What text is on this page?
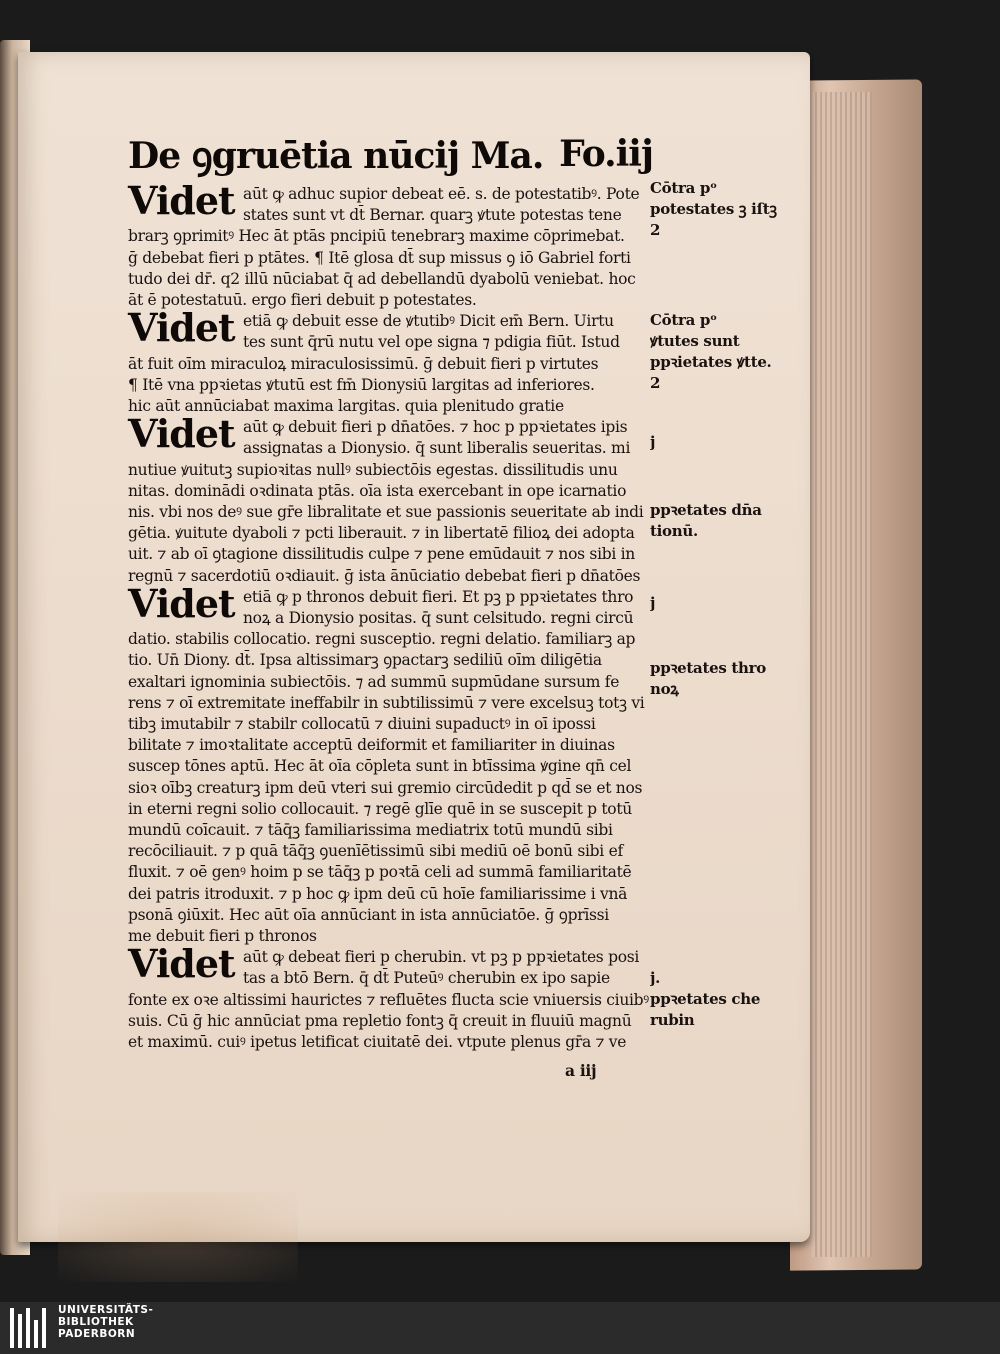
De ꝯgruētia nūcij Ma. Fo.iij
Videt aūt ꝙ adhuc supior debeat eē. s. de potestatibꝰ. Pote
states sunt vt dt̄ Bernar. quarꝫ ꝟtute potestas tene
brarꝫ ꝯprimitꝰ Hec āt ptās pncipiū tenebrarꝫ maxime cōprimebat.
ḡ debebat fieri p ptātes. ¶ Itē glosa dt̄ sup missus ꝯ iō Gabriel forti
tudo dei dr̄. q2 illū nūciabat q̄ ad debellandū dyabolū veniebat. hoc
āt ē potestatuū. ergo fieri debuit p potestates.
Videt etiā ꝙ debuit esse de ꝟtutibꝰ Dicit em̄ Bern. Uirtu
tes sunt q̄rū nutu vel ope signa ⁊ pdigia fiūt. Istud
āt fuit oīm miraculoꝝ miraculosissimū. ḡ debuit fieri p virtutes
¶ Itē vna ppꝛietas ꝟtutū est fm̄ Dionysiū largitas ad inferiores.
hic aūt annūciabat maxima largitas. quia plenitudo gratie
Videt aūt ꝙ debuit fieri p dn̄atōes. ⁊ hoc p ppꝛietates ipis
assignatas a Dionysio. q̄ sunt liberalis seueritas. mi
nutiue ꝟuitutꝫ supioꝛitas nullꝰ subiectōis egestas. dissilitudis unu
nitas. dominādi oꝛdinata ptās. oīa ista exercebant in ope icarnatio
nis. vbi nos deꝰ sue gr̄e libralitate et sue passionis seueritate ab indi
gētia. ꝟuitute dyaboli ⁊ pcti liberauit. ⁊ in libertatē filioꝝ dei adopta
uit. ⁊ ab oī ꝯtagione dissilitudis culpe ⁊ pene emūdauit ⁊ nos sibi in
regnū ⁊ sacerdotiū oꝛdiauit. ḡ ista ānūciatio debebat fieri p dn̄atōes
Videt etiā ꝙ p thronos debuit fieri. Et pꝫ p ppꝛietates thro
noꝝ a Dionysio positas. q̄ sunt celsitudo. regni circū
datio. stabilis collocatio. regni susceptio. regni delatio. familiarꝫ ap
tio. Un̄ Diony. dt̄. Ipsa altissimarꝫ ꝯpactarꝫ sediliū oīm diligētia
exaltari ignominia subiectōis. ⁊ ad summū supmūdane sursum fe
rens ⁊ oī extremitate ineffabilr in subtilissimū ⁊ vere excelsuꝫ totꝫ vi
tibꝫ imutabilr ⁊ stabilr collocatū ⁊ diuini supaductꝰ in oī ipossi
bilitate ⁊ imoꝛtalitate acceptū deiformit et familiariter in diuinas
suscep tōnes aptū. Hec āt oīa cōpleta sunt in btīssima ꝟgine qn̄ cel
sioꝛ oībꝫ creaturꝫ ipm deū vteri sui gremio circūdedit p qd̄ se et nos
in eterni regni solio collocauit. ⁊ regē glīe quē in se suscepit p totū
mundū coīcauit. ⁊ tāq̄ꝫ familiarissima mediatrix totū mundū sibi
recōciliauit. ⁊ p quā tāq̄ꝫ ꝯuenīētissimū sibi mediū oē bonū sibi ef
fluxit. ⁊ oē genꝰ hoim p se tāq̄ꝫ p poꝛtā celi ad summā familiaritatē
dei patris itroduxit. ⁊ p hoc ꝙ ipm deū cū hoīe familiarissime i vnā
psonā ꝯiūxit. Hec aūt oīa annūciant in ista annūciatōe. ḡ ꝯprīssi
me debuit fieri p thronos
Videt aūt ꝙ debeat fieri p cherubin. vt pꝫ p ppꝛietates posi
tas a btō Bern. q̄ dt̄ Puteūꝰ cherubin ex ipo sapie
fonte ex oꝛe altissimi haurictes ⁊ refluētes flucta scie vniuersis ciuibꝰ
suis. Cū ḡ hic annūciat pma repletio fontꝫ q̄ creuit in fluuiū magnū
et maximū. cuiꝰ ipetus letificat ciuitatē dei. vtpute plenus gr̄a ⁊ ve
Cōtra pᵒ
potestates ꝫ iſtꝫ
2
Cōtra pᵒ
ꝟtutes sunt
ppꝛietates ꝟtte.
2
j
ppꝛetates dn̄a
tionū.
j
ppꝛetates thro
noꝝ
j.
ppꝛetates che
rubin
a iij
UNIVERSITÄTS-
BIBLIOTHEK
PADERBORN
